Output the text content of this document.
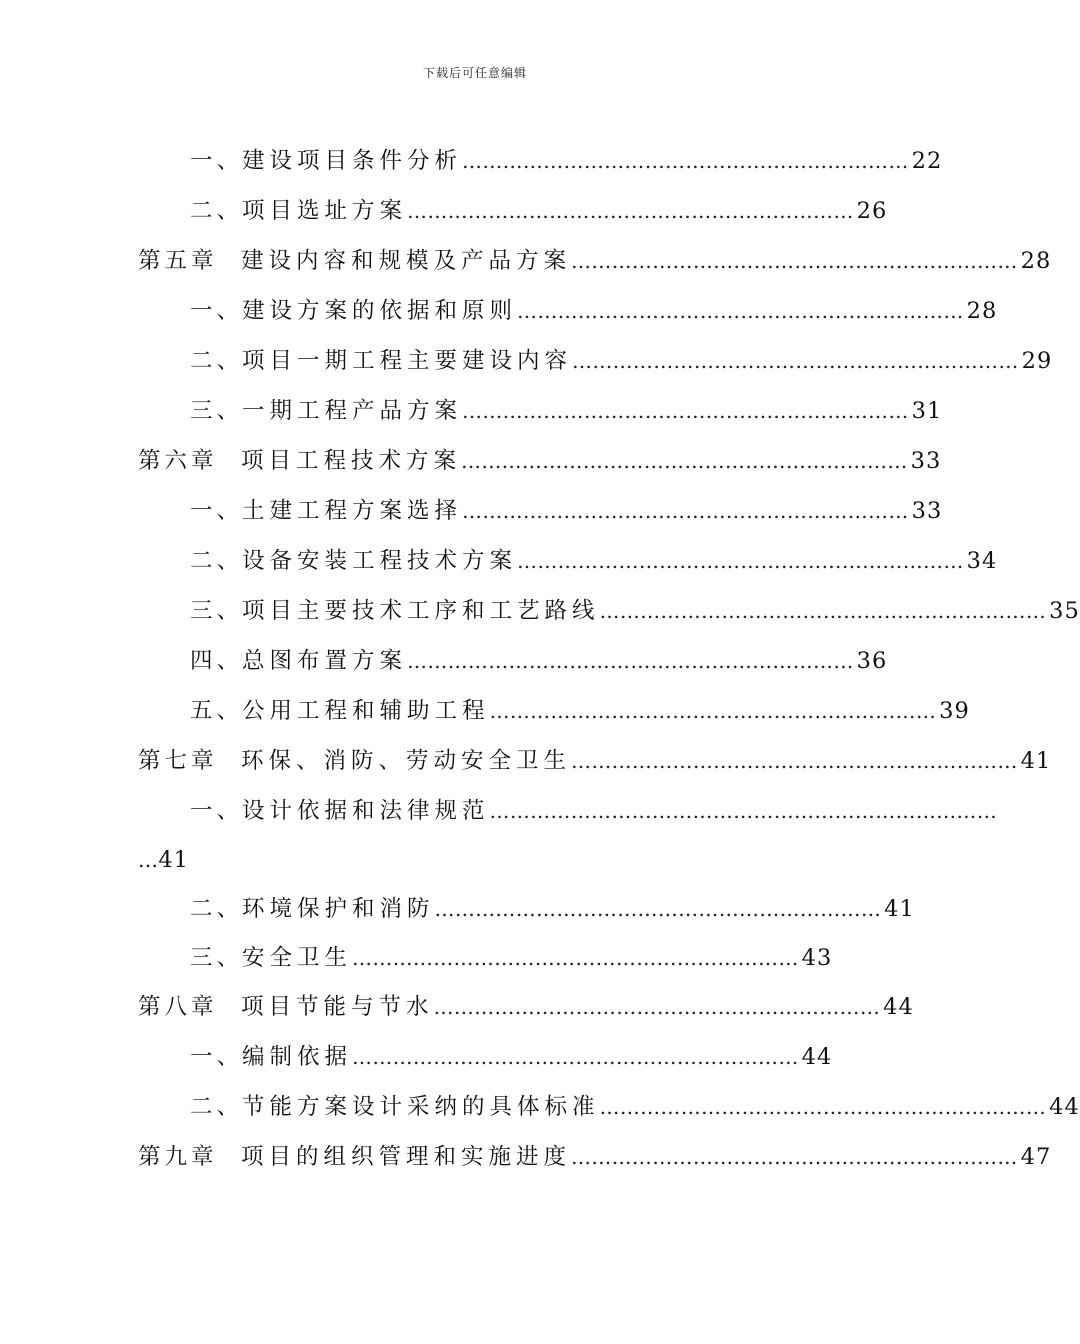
下载后可任意编辑
一、
建设项目条件分析 ………………………………………………………… 22
二、
项目选址方案 ………………………………………………………… 26
第五章	建设内容和规模及产品方案 ………………………………………………………… 28
一、
建设方案的依据和原则 ………………………………………………………… 28
二、
项目一期工程主要建设内容 ………………………………………………………… 29
三、
一期工程产品方案 ………………………………………………………… 31
第六章	项目工程技术方案 ………………………………………………………… 33
一、
土建工程方案选择 ………………………………………………………… 33
二、
设备安装工程技术方案 ………………………………………………………… 34
三、
项目主要技术工序和工艺路线 ………………………………………………………… 35
四、
总图布置方案 ………………………………………………………… 36
五、
公用工程和辅助工程 ………………………………………………………… 39
第七章	环保、消防、劳动安全卫生 ………………………………………………………… 41
一、
设计依据和法律规范 …………………………………………………………………
…41
二、
环境保护和消防 ………………………………………………………… 41
三、
安全卫生 ………………………………………………………… 43
第八章	项目节能与节水 ………………………………………………………… 44
一、
编制依据 ………………………………………………………… 44
二、
节能方案设计采纳的具体标准 ………………………………………………………… 44
第九章	项目的组织管理和实施进度 ………………………………………………………… 47
